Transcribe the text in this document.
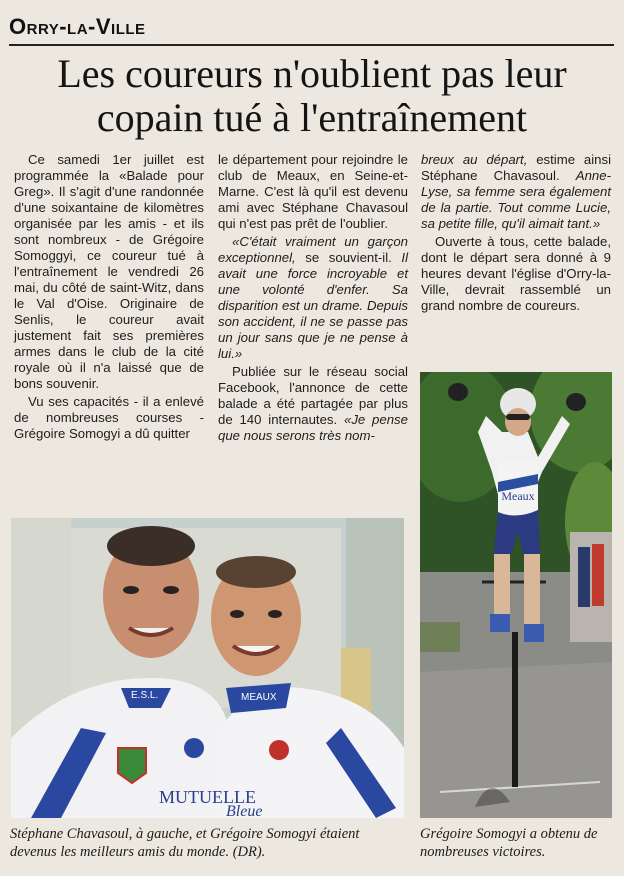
Orry-la-Ville
Les coureurs n'oublient pas leur copain tué à l'entraînement

Ce samedi 1er juillet est programmée la «Balade pour Greg». Il s'agit d'une randonnée d'une soixantaine de kilomètres organisée par les amis - et ils sont nombreux - de Grégoire Somoggyi, ce coureur tué à l'entraînement le vendredi 26 mai, du côté de saint-Witz, dans le Val d'Oise. Originaire de Senlis, le coureur avait justement fait ses premières armes dans le club de la cité royale où il n'a laissé que de bons souvenir.

Vu ses capacités - il a enlevé de nombreuses courses - Grégoire Somogyi a dû quitter

le département pour rejoindre le club de Meaux, en Seine-et-Marne. C'est là qu'il est devenu ami avec Stéphane Chavasoul qui n'est pas prêt de l'oublier.

«C'était vraiment un garçon exceptionnel, se souvient-il. Il avait une force incroyable et une volonté d'enfer. Sa disparition est un drame. Depuis son accident, il ne se passe pas un jour sans que je ne pense à lui.»

Publiée sur le réseau social Facebook, l'annonce de cette balade a été partagée par plus de 140 internautes. «Je pense que nous serons très nom-

breux au départ, estime ainsi Stéphane Chavasoul. Anne-Lyse, sa femme sera également de la partie. Tout comme Lucie, sa petite fille, qu'il aimait tant.»

Ouverte à tous, cette balade, dont le départ sera donné à 9 heures devant l'église d'Orry-la-Ville, devrait rassemblé un grand nombre de coureurs.

Meaux
E.S.L.	MEAUX
MUTUELLE
Bleue
Stéphane Chavasoul, à gauche, et Grégoire Somogyi étaient devenus les meilleurs amis du monde. (DR).
Grégoire Somogyi a obtenu de nombreuses victoires.
